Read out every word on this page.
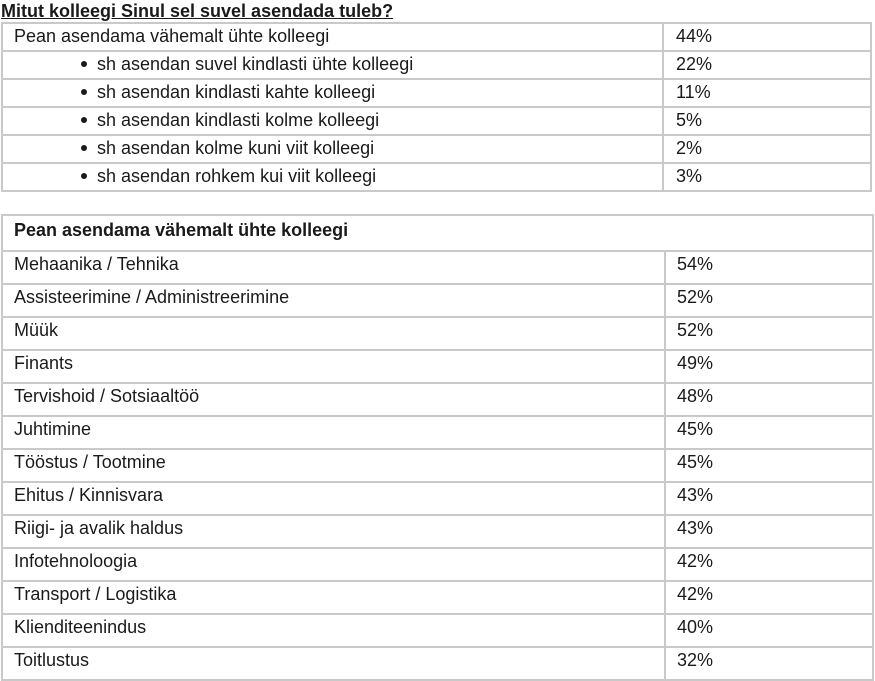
Mitut kolleegi Sinul sel suvel asendada tuleb?
Pean asendama vähemalt ühte kolleegi	44%
sh asendan suvel kindlasti ühte kolleegi	22%
sh asendan kindlasti kahte kolleegi	11%
sh asendan kindlasti kolme kolleegi	5%
sh asendan kolme kuni viit kolleegi	2%
sh asendan rohkem kui viit kolleegi	3%
Pean asendama vähemalt ühte kolleegi	
Mehaanika / Tehnika	54%
Assisteerimine / Administreerimine	52%
Müük	52%
Finants	49%
Tervishoid / Sotsiaaltöö	48%
Juhtimine	45%
Tööstus / Tootmine	45%
Ehitus / Kinnisvara	43%
Riigi- ja avalik haldus	43%
Infotehnoloogia	42%
Transport / Logistika	42%
Klienditeenindus	40%
Toitlustus	32%
